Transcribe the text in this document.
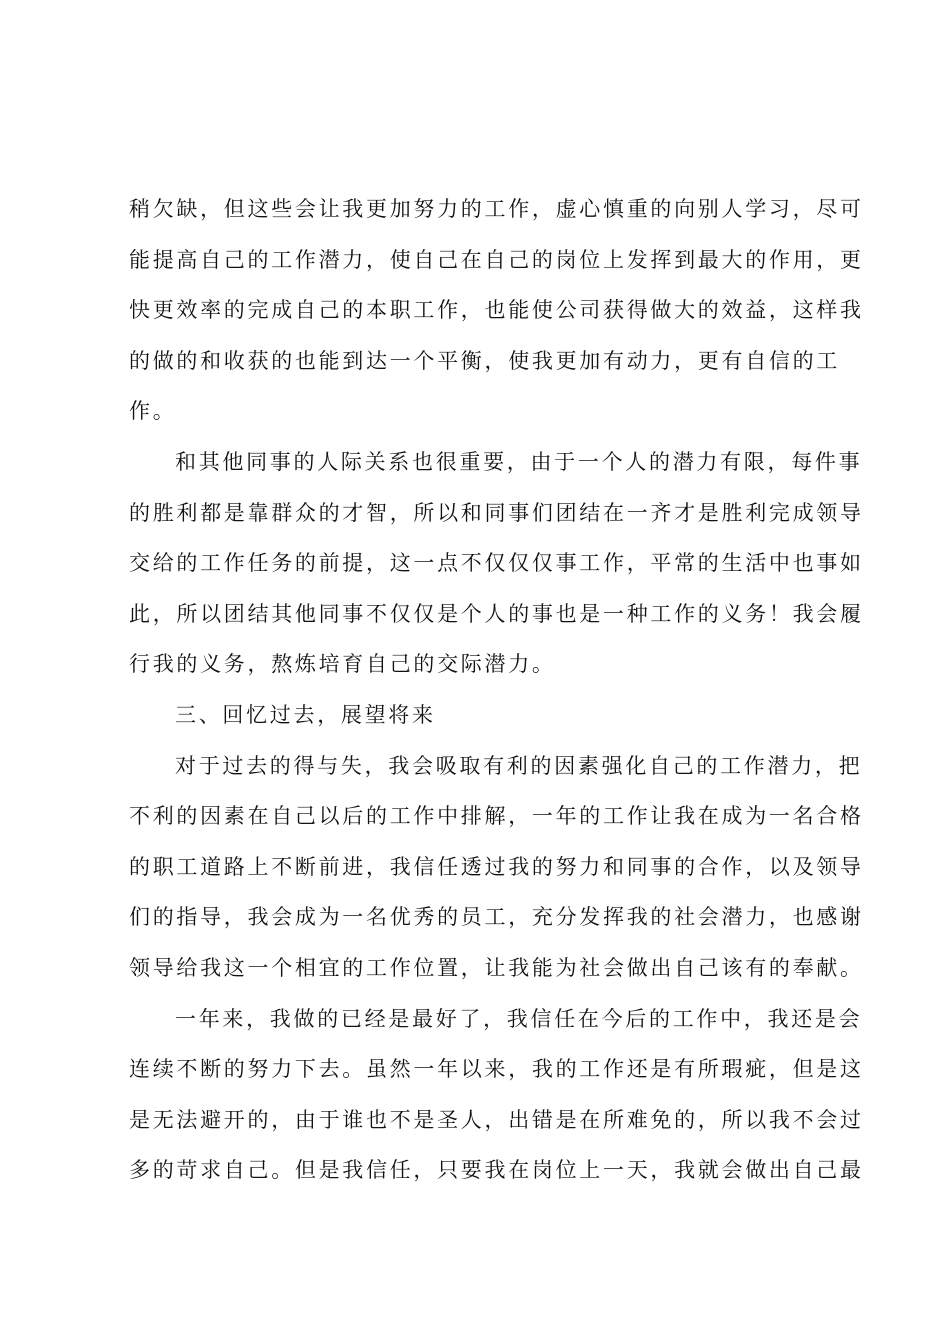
稍欠缺，但这些会让我更加努力的工作，虚心慎重的向别人学习，尽可
能提高自己的工作潜力，使自己在自己的岗位上发挥到最大的作用，更
快更效率的完成自己的本职工作，也能使公司获得做大的效益，这样我
的做的和收获的也能到达一个平衡，使我更加有动力，更有自信的工
作。
和其他同事的人际关系也很重要，由于一个人的潜力有限，每件事
的胜利都是靠群众的才智，所以和同事们团结在一齐才是胜利完成领导
交给的工作任务的前提，这一点不仅仅仅事工作，平常的生活中也事如
此，所以团结其他同事不仅仅是个人的事也是一种工作的义务！我会履
行我的义务，熬炼培育自己的交际潜力。
三、回忆过去，展望将来
对于过去的得与失，我会吸取有利的因素强化自己的工作潜力，把
不利的因素在自己以后的工作中排解，一年的工作让我在成为一名合格
的职工道路上不断前进，我信任透过我的努力和同事的合作，以及领导
们的指导，我会成为一名优秀的员工，充分发挥我的社会潜力，也感谢
领导给我这一个相宜的工作位置，让我能为社会做出自己该有的奉献。
一年来，我做的已经是最好了，我信任在今后的工作中，我还是会
连续不断的努力下去。虽然一年以来，我的工作还是有所瑕疵，但是这
是无法避开的，由于谁也不是圣人，出错是在所难免的，所以我不会过
多的苛求自己。但是我信任，只要我在岗位上一天，我就会做出自己最
